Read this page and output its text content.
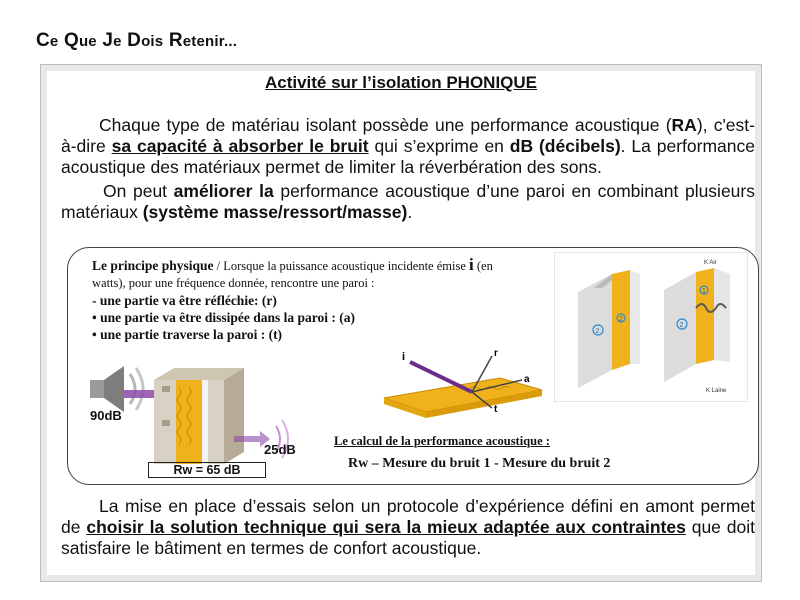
Ce Que Je Dois Retenir...
Activité sur l’isolation PHONIQUE
Chaque type de matériau isolant possède une performance acoustique (RA), c'est-à-dire sa capacité à absorber le bruit qui s’exprime en dB (décibels). La performance acoustique des matériaux permet de limiter la réverbération des sons.
On peut améliorer la performance acoustique d’une paroi en combinant plusieurs matériaux (système masse/ressort/masse).
Le principe physique / Lorsque la puissance acoustique incidente émise i (en watts), pour une fréquence donnée, rencontre une paroi :
- une partie va être réfléchie: (r)
• une partie va être dissipée dans la paroi : (a)
• une partie traverse la paroi : (t)
90dB
25dB
Rw = 65 dB
i	r
a
t
2
2
1
2
K Air
K Laine
Le calcul de la performance acoustique :
Rw – Mesure du bruit 1 - Mesure du bruit 2
La mise en place d’essais selon un protocole d’expérience défini en amont permet de choisir la solution technique qui sera la mieux adaptée aux contraintes que doit satisfaire le bâtiment en termes de confort acoustique.
